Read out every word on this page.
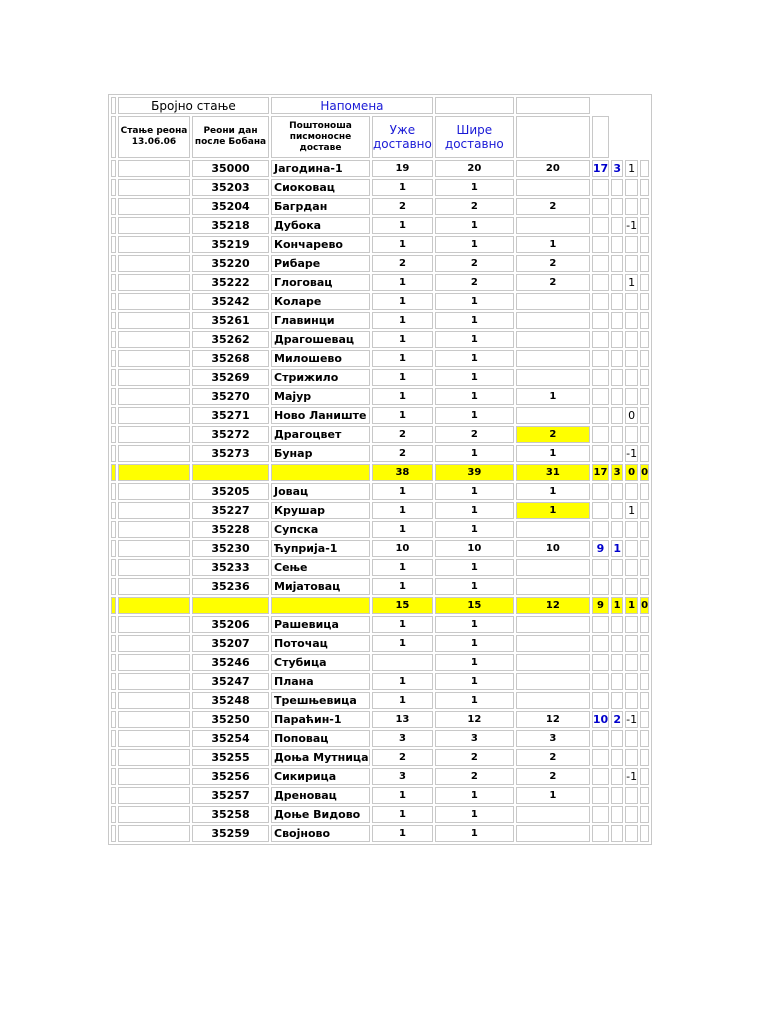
	Бројно стање		Напомена							
	Стање реона 13.06.06	Реони дан после Бобана	Поштоноша писмоносне доставе	Уже доставно	Шире доставно					
		35000	Јагодина-1	19	20	20	17	3	1	
		35203	Сиоковац	1	1					
		35204	Багрдан	2	2	2				
		35218	Дубока	1	1				-1	
		35219	Кончарево	1	1	1				
		35220	Рибаре	2	2	2				
		35222	Глоговац	1	2	2			1	
		35242	Коларе	1	1					
		35261	Главинци	1	1					
		35262	Драгошевац	1	1					
		35268	Милошево	1	1					
		35269	Стрижило	1	1					
		35270	Мајур	1	1	1				
		35271	Ново Ланиште	1	1				0	
		35272	Драгоцвет	2	2	2				
		35273	Бунар	2	1	1			-1	
				38	39	31	17	3	0	0
		35205	Јовац	1	1	1				
		35227	Крушар	1	1	1			1	
		35228	Супска	1	1					
		35230	Ћуприја-1	10	10	10	9	1		
		35233	Сење	1	1					
		35236	Мијатовац	1	1					
				15	15	12	9	1	1	0
		35206	Рашевица	1	1					
		35207	Поточац	1	1					
		35246	Стубица		1					
		35247	Плана	1	1					
		35248	Трешњевица	1	1					
		35250	Параћин-1	13	12	12	10	2	-1	
		35254	Поповац	3	3	3				
		35255	Доња Мутница	2	2	2				
		35256	Сикирица	3	2	2			-1	
		35257	Дреновац	1	1	1				
		35258	Доње Видово	1	1					
		35259	Својново	1	1					
